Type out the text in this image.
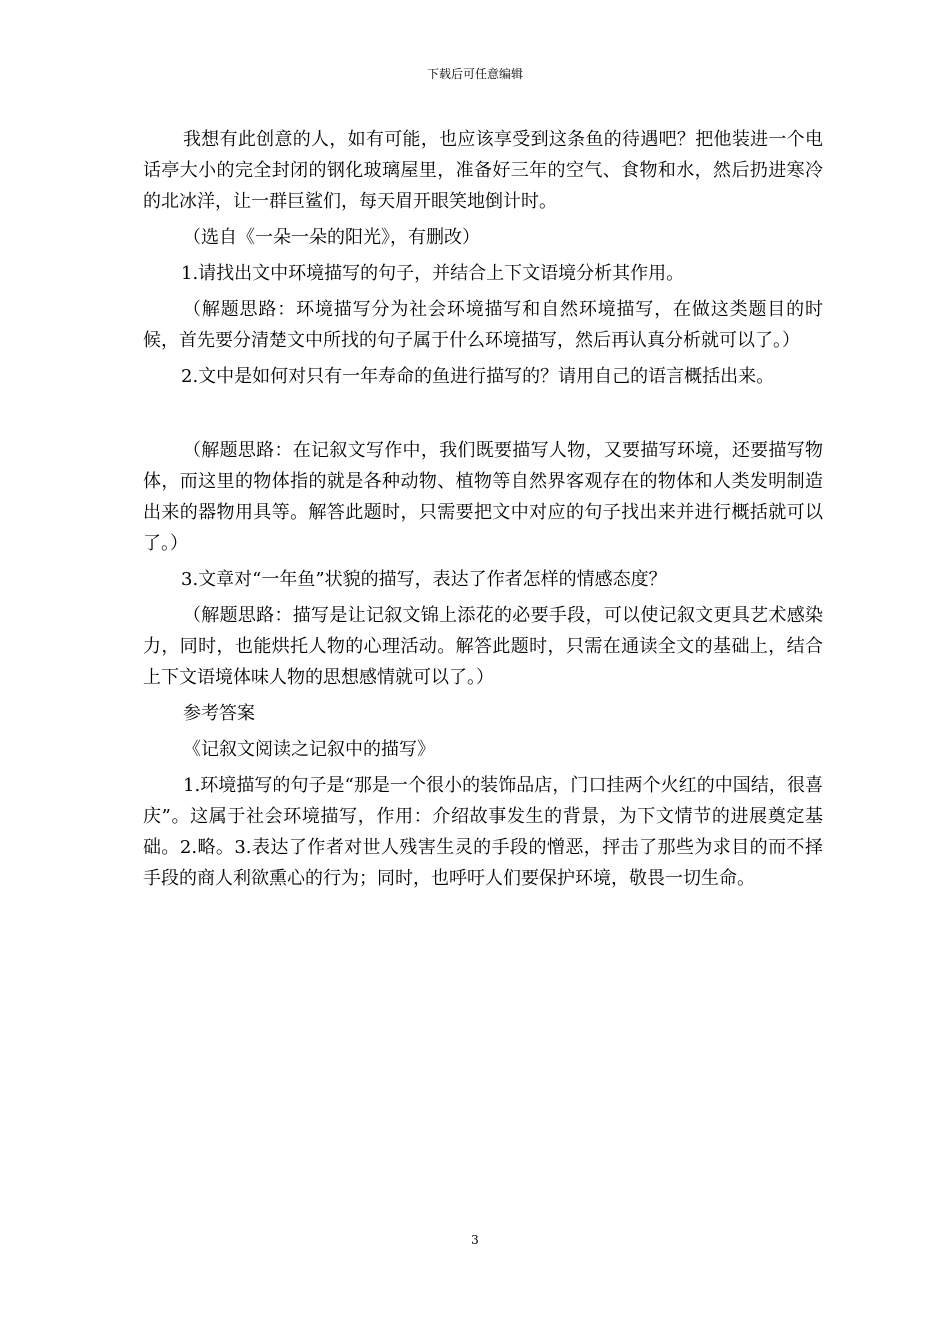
下载后可任意编辑

我想有此创意的人，如有可能，也应该享受到这条鱼的待遇吧？把他装进一个电话亭大小的完全封闭的钢化玻璃屋里，准备好三年的空气、食物和水，然后扔进寒冷的北冰洋，让一群巨鲨们，每天眉开眼笑地倒计时。

（选自《一朵一朵的阳光》，有删改）

1.请找出文中环境描写的句子，并结合上下文语境分析其作用。

（解题思路：环境描写分为社会环境描写和自然环境描写，在做这类题目的时候，首先要分清楚文中所找的句子属于什么环境描写，然后再认真分析就可以了。）

2.文中是如何对只有一年寿命的鱼进行描写的？请用自己的语言概括出来。

（解题思路：在记叙文写作中，我们既要描写人物，又要描写环境，还要描写物体，而这里的物体指的就是各种动物、植物等自然界客观存在的物体和人类发明制造出来的器物用具等。解答此题时，只需要把文中对应的句子找出来并进行概括就可以了。）

3.文章对“一年鱼”状貌的描写，表达了作者怎样的情感态度？

（解题思路：描写是让记叙文锦上添花的必要手段，可以使记叙文更具艺术感染力，同时，也能烘托人物的心理活动。解答此题时，只需在通读全文的基础上，结合上下文语境体味人物的思想感情就可以了。）

参考答案

《记叙文阅读之记叙中的描写》

1.环境描写的句子是“那是一个很小的装饰品店，门口挂两个火红的中国结，很喜庆”。这属于社会环境描写，作用：介绍故事发生的背景，为下文情节的进展奠定基础。2.略。3.表达了作者对世人残害生灵的手段的憎恶，抨击了那些为求目的而不择手段的商人利欲熏心的行为；同时，也呼吁人们要保护环境，敬畏一切生命。

3
